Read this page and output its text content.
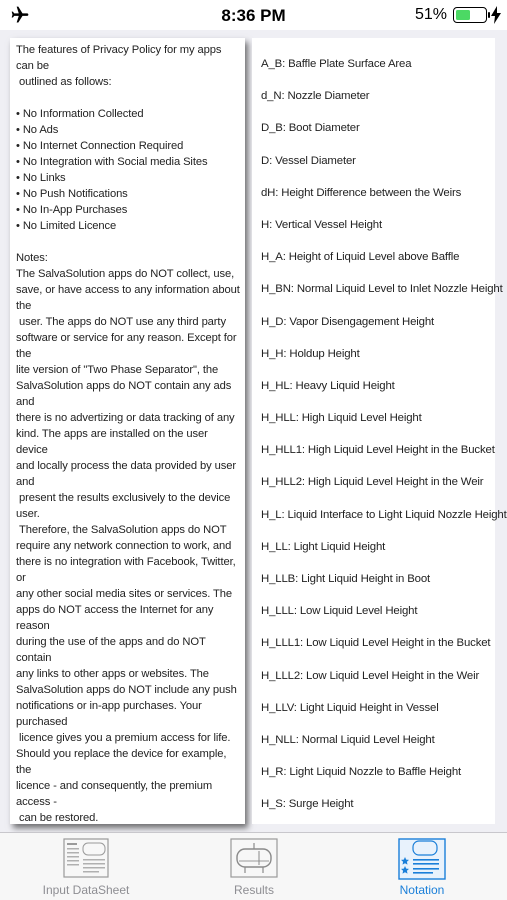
8:36 PM	51%
The features of Privacy Policy for my apps can be
outlined as follows:

• No Information Collected
• No Ads
• No Internet Connection Required
• No Integration with Social media Sites
• No Links
• No Push Notifications
• No In-App Purchases
• No Limited Licence

Notes:
The SalvaSolution apps do NOT collect, use,
save, or have access to any information about the
user. The apps do NOT use any third party
software or service for any reason. Except for the
lite version of "Two Phase Separator", the
SalvaSolution apps do NOT contain any ads and
there is no advertizing or data tracking of any
kind. The apps are installed on the user device
and locally process the data provided by user and
present the results exclusively to the device user.
Therefore, the SalvaSolution apps do NOT
require any network connection to work, and
there is no integration with Facebook, Twitter, or
any other social media sites or services. The
apps do NOT access the Internet for any reason
during the use of the apps and do NOT contain
any links to other apps or websites. The
SalvaSolution apps do NOT include any push
notifications or in-app purchases. Your purchased
licence gives you a premium access for life.
Should you replace the device for example, the
licence - and consequently, the premium access -
can be restored.

A_B: Baffle Plate Surface Area
d_N: Nozzle Diameter
D_B: Boot Diameter
D: Vessel Diameter
dH: Height Difference between the Weirs
H: Vertical Vessel Height
H_A: Height of Liquid Level above Baffle
H_BN: Normal Liquid Level to Inlet Nozzle Height
H_D: Vapor Disengagement Height
H_H: Holdup Height
H_HL: Heavy Liquid Height
H_HLL: High Liquid Level Height
H_HLL1: High Liquid Level Height in the Bucket
H_HLL2: High Liquid Level Height in the Weir
H_L: Liquid Interface to Light Liquid Nozzle Height
H_LL: Light Liquid Height
H_LLB: Light Liquid Height in Boot
H_LLL: Low Liquid Level Height
H_LLL1: Low Liquid Level Height in the Bucket
H_LLL2: Low Liquid Level Height in the Weir
H_LLV: Light Liquid Height in Vessel
H_NLL: Normal Liquid Level Height
H_R: Light Liquid Nozzle to Baffle Height
H_S: Surge Height
Input DataSheet	Results	Notation
